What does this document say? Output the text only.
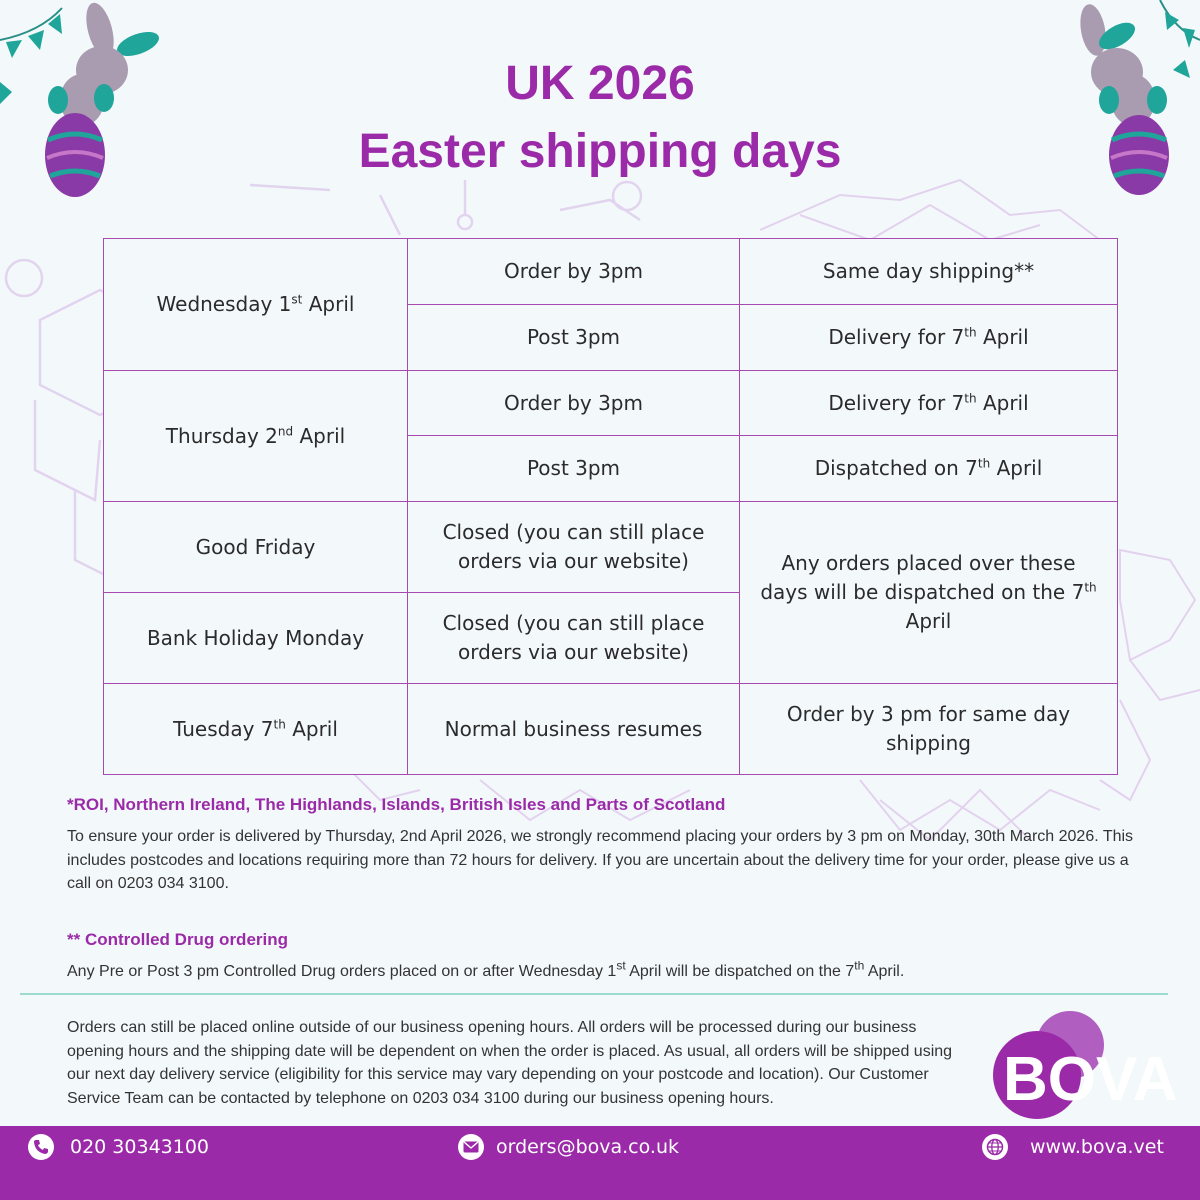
UK 2026
Easter shipping days
Wednesday 1st April	Order by 3pm	Same day shipping**
	Post 3pm	Delivery for 7th April
Thursday 2nd April	Order by 3pm	Delivery for 7th April
	Post 3pm	Dispatched on 7th April
Good Friday	Closed (you can still place orders via our website)	Any orders placed over these days will be dispatched on the 7th April
Bank Holiday Monday	Closed (you can still place orders via our website)	
Tuesday 7th April	Normal business resumes	Order by 3 pm for same day shipping
*ROI, Northern Ireland, The Highlands, Islands, British Isles and Parts of Scotland
To ensure your order is delivered by Thursday, 2nd April 2026, we strongly recommend placing your orders by 3 pm on Monday, 30th March 2026. This includes postcodes and locations requiring more than 72 hours for delivery. If you are uncertain about the delivery time for your order, please give us a call on 0203 034 3100.
** Controlled Drug ordering
Any Pre or Post 3 pm Controlled Drug orders placed on or after Wednesday 1st April will be dispatched on the 7th April.
Orders can still be placed online outside of our business opening hours. All orders will be processed during our business opening hours and the shipping date will be dependent on when the order is placed. As usual, all orders will be shipped using our next day delivery service (eligibility for this service may vary depending on your postcode and location). Our Customer Service Team can be contacted by telephone on 0203 034 3100 during our business opening hours.	BOVA
020 30343100	orders@bova.co.uk	www.bova.vet
